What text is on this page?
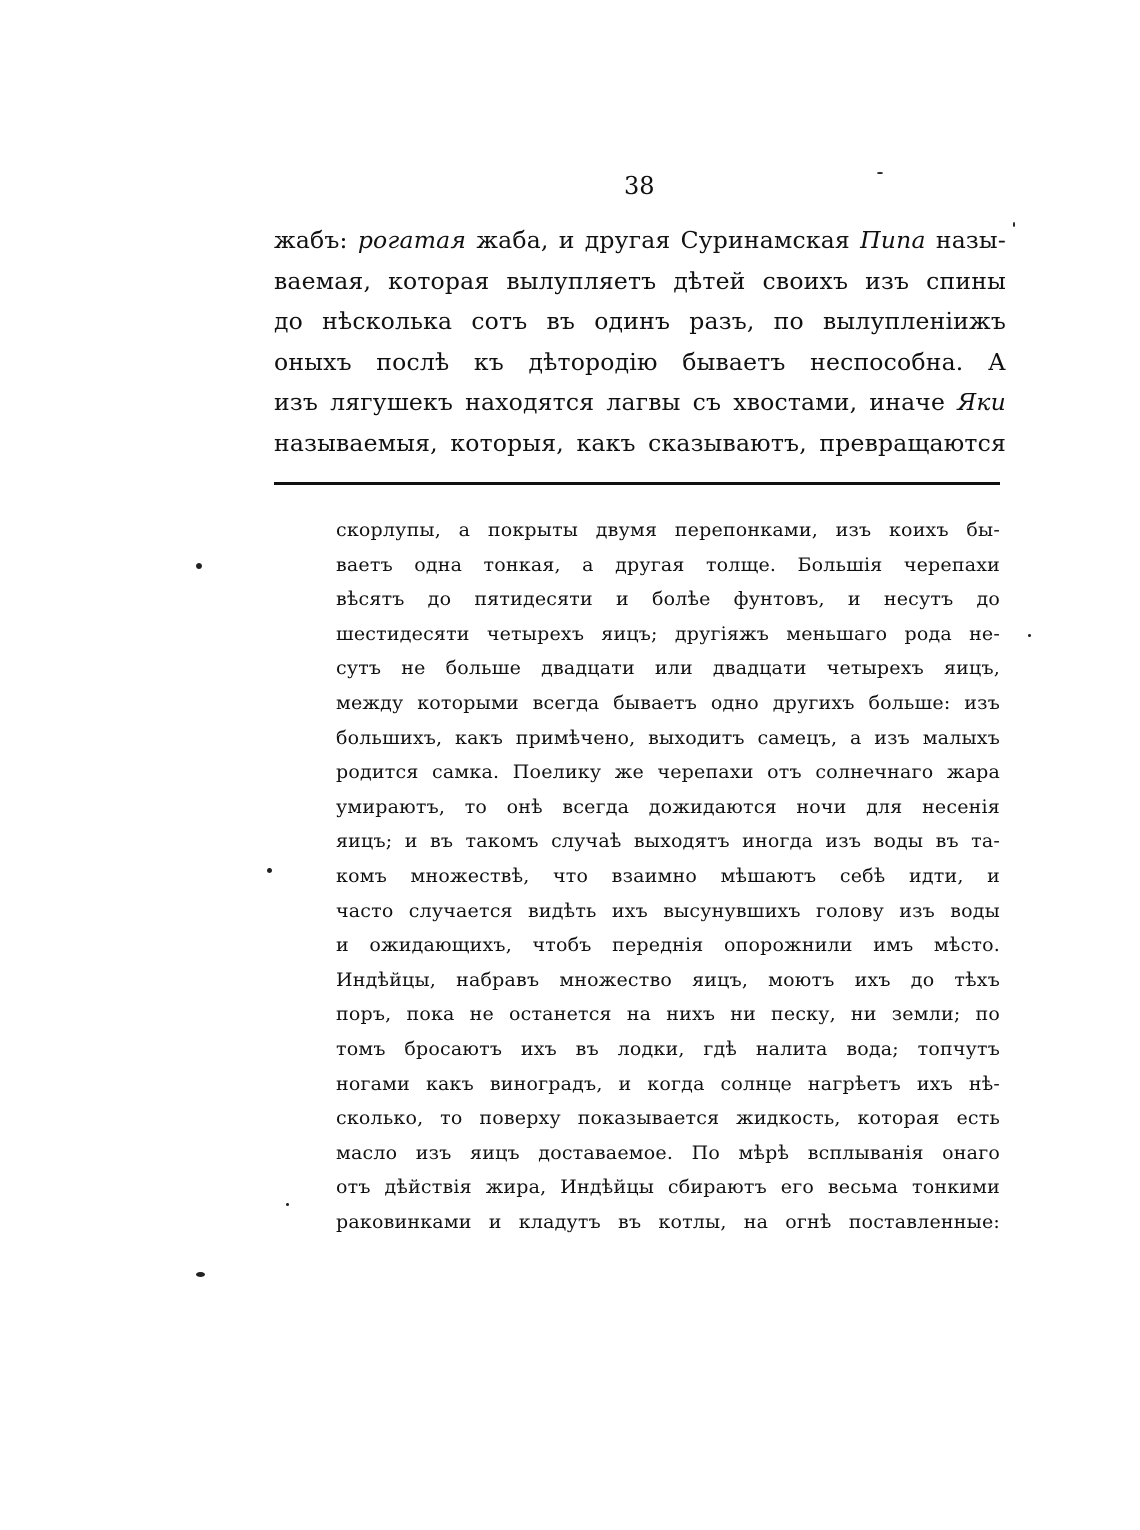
38
жабъ: рогатая жаба, и другая Суринамская Пипа назы-
ваемая, которая вылупляетъ дѣтей своихъ изъ спины
до нѣсколька сотъ въ одинъ разъ, по вылупленіижъ
оныхъ послѣ къ дѣтородію бываетъ неспособна. А
изъ лягушекъ находятся лагвы съ хвостами, иначе Яки
называемыя, которыя, какъ сказываютъ, превращаются
скорлупы, а покрыты двумя перепонками, изъ коихъ бы-
ваетъ одна тонкая, а другая толще. Большія черепахи
вѣсятъ до пятидесяти и болѣе фунтовъ, и несутъ до
шестидесяти четырехъ яицъ; другіяжъ меньшаго рода не-
сутъ не больше двадцати или двадцати четырехъ яицъ,
между которыми всегда бываетъ одно другихъ больше: изъ
большихъ, какъ примѣчено, выходитъ самецъ, а изъ малыхъ
родится самка. Поелику же черепахи отъ солнечнаго жара
умираютъ, то онѣ всегда дожидаются ночи для несенія
яицъ; и въ такомъ случаѣ выходятъ иногда изъ воды въ та-
комъ множествѣ, что взаимно мѣшаютъ себѣ идти, и
часто случается видѣть ихъ высунувшихъ голову изъ воды
и ожидающихъ, чтобъ переднія опорожнили имъ мѣсто.
Индѣйцы, набравъ множество яицъ, моютъ ихъ до тѣхъ
поръ, пока не останется на нихъ ни песку, ни земли; по
томъ бросаютъ ихъ въ лодки, гдѣ налита вода; топчутъ
ногами какъ виноградъ, и когда солнце нагрѣетъ ихъ нѣ-
сколько, то поверху показывается жидкость, которая есть
масло изъ яицъ доставаемое. По мѣрѣ всплыванія онаго
отъ дѣйствія жира, Индѣйцы сбираютъ его весьма тонкими
раковинками и кладутъ въ котлы, на огнѣ поставленные:
